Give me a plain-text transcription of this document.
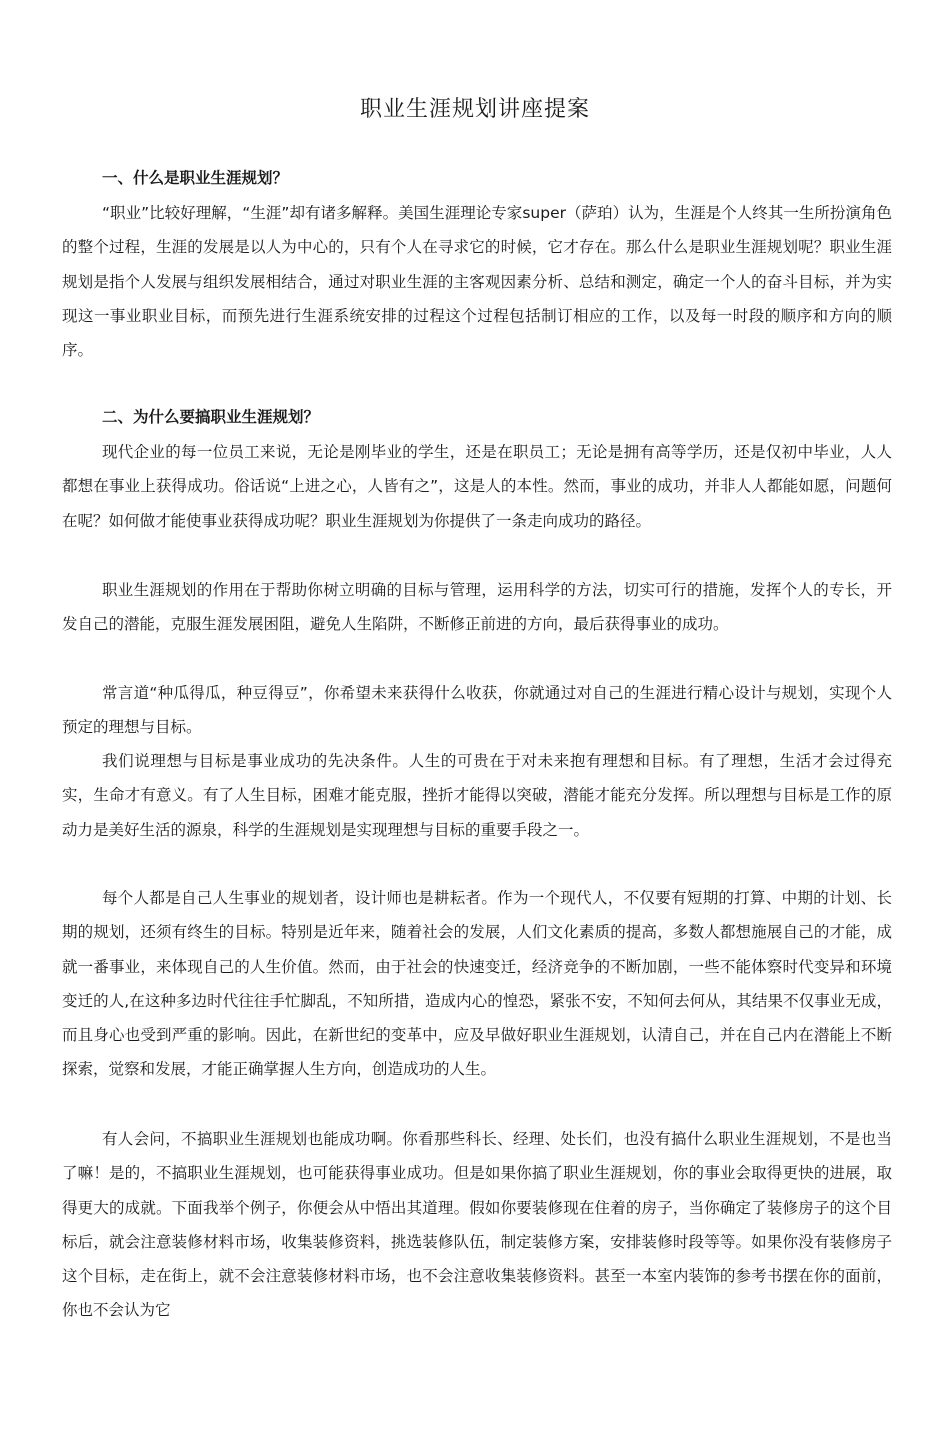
职业生涯规划讲座提案
一、什么是职业生涯规划？

“职业”比较好理解，“生涯”却有诸多解释。美国生涯理论专家super（萨珀）认为，生涯是个人终其一生所扮演角色的整个过程，生涯的发展是以人为中心的，只有个人在寻求它的时候，它才存在。那么什么是职业生涯规划呢？职业生涯规划是指个人发展与组织发展相结合，通过对职业生涯的主客观因素分析、总结和测定，确定一个人的奋斗目标，并为实现这一事业职业目标，而预先进行生涯系统安排的过程这个过程包括制订相应的工作，以及每一时段的顺序和方向的顺序。

二、为什么要搞职业生涯规划？

现代企业的每一位员工来说，无论是刚毕业的学生，还是在职员工；无论是拥有高等学历，还是仅初中毕业，人人都想在事业上获得成功。俗话说“上进之心，人皆有之”，这是人的本性。然而，事业的成功，并非人人都能如愿，问题何在呢？如何做才能使事业获得成功呢？职业生涯规划为你提供了一条走向成功的路径。

职业生涯规划的作用在于帮助你树立明确的目标与管理，运用科学的方法，切实可行的措施，发挥个人的专长，开发自己的潜能，克服生涯发展困阻，避免人生陷阱，不断修正前进的方向，最后获得事业的成功。

常言道“种瓜得瓜，种豆得豆”，你希望未来获得什么收获，你就通过对自己的生涯进行精心设计与规划，实现个人预定的理想与目标。

我们说理想与目标是事业成功的先决条件。人生的可贵在于对未来抱有理想和目标。有了理想，生活才会过得充实，生命才有意义。有了人生目标，困难才能克服，挫折才能得以突破，潜能才能充分发挥。所以理想与目标是工作的原动力是美好生活的源泉，科学的生涯规划是实现理想与目标的重要手段之一。

每个人都是自己人生事业的规划者，设计师也是耕耘者。作为一个现代人，不仅要有短期的打算、中期的计划、长期的规划，还须有终生的目标。特别是近年来，随着社会的发展，人们文化素质的提高，多数人都想施展自己的才能，成就一番事业，来体现自己的人生价值。然而，由于社会的快速变迁，经济竞争的不断加剧，一些不能体察时代变异和环境变迁的人,在这种多边时代往往手忙脚乱，不知所措，造成内心的惶恐，紧张不安，不知何去何从，其结果不仅事业无成，而且身心也受到严重的影响。因此，在新世纪的变革中，应及早做好职业生涯规划，认清自己，并在自己内在潜能上不断探索，觉察和发展，才能正确掌握人生方向，创造成功的人生。

有人会问，不搞职业生涯规划也能成功啊。你看那些科长、经理、处长们，也没有搞什么职业生涯规划，不是也当了嘛！是的，不搞职业生涯规划，也可能获得事业成功。但是如果你搞了职业生涯规划，你的事业会取得更快的进展，取得更大的成就。下面我举个例子，你便会从中悟出其道理。假如你要装修现在住着的房子，当你确定了装修房子的这个目标后，就会注意装修材料市场，收集装修资料，挑选装修队伍，制定装修方案，安排装修时段等等。如果你没有装修房子这个目标，走在街上，就不会注意装修材料市场，也不会注意收集装修资料。甚至一本室内装饰的参考书摆在你的面前，你也不会认为它
